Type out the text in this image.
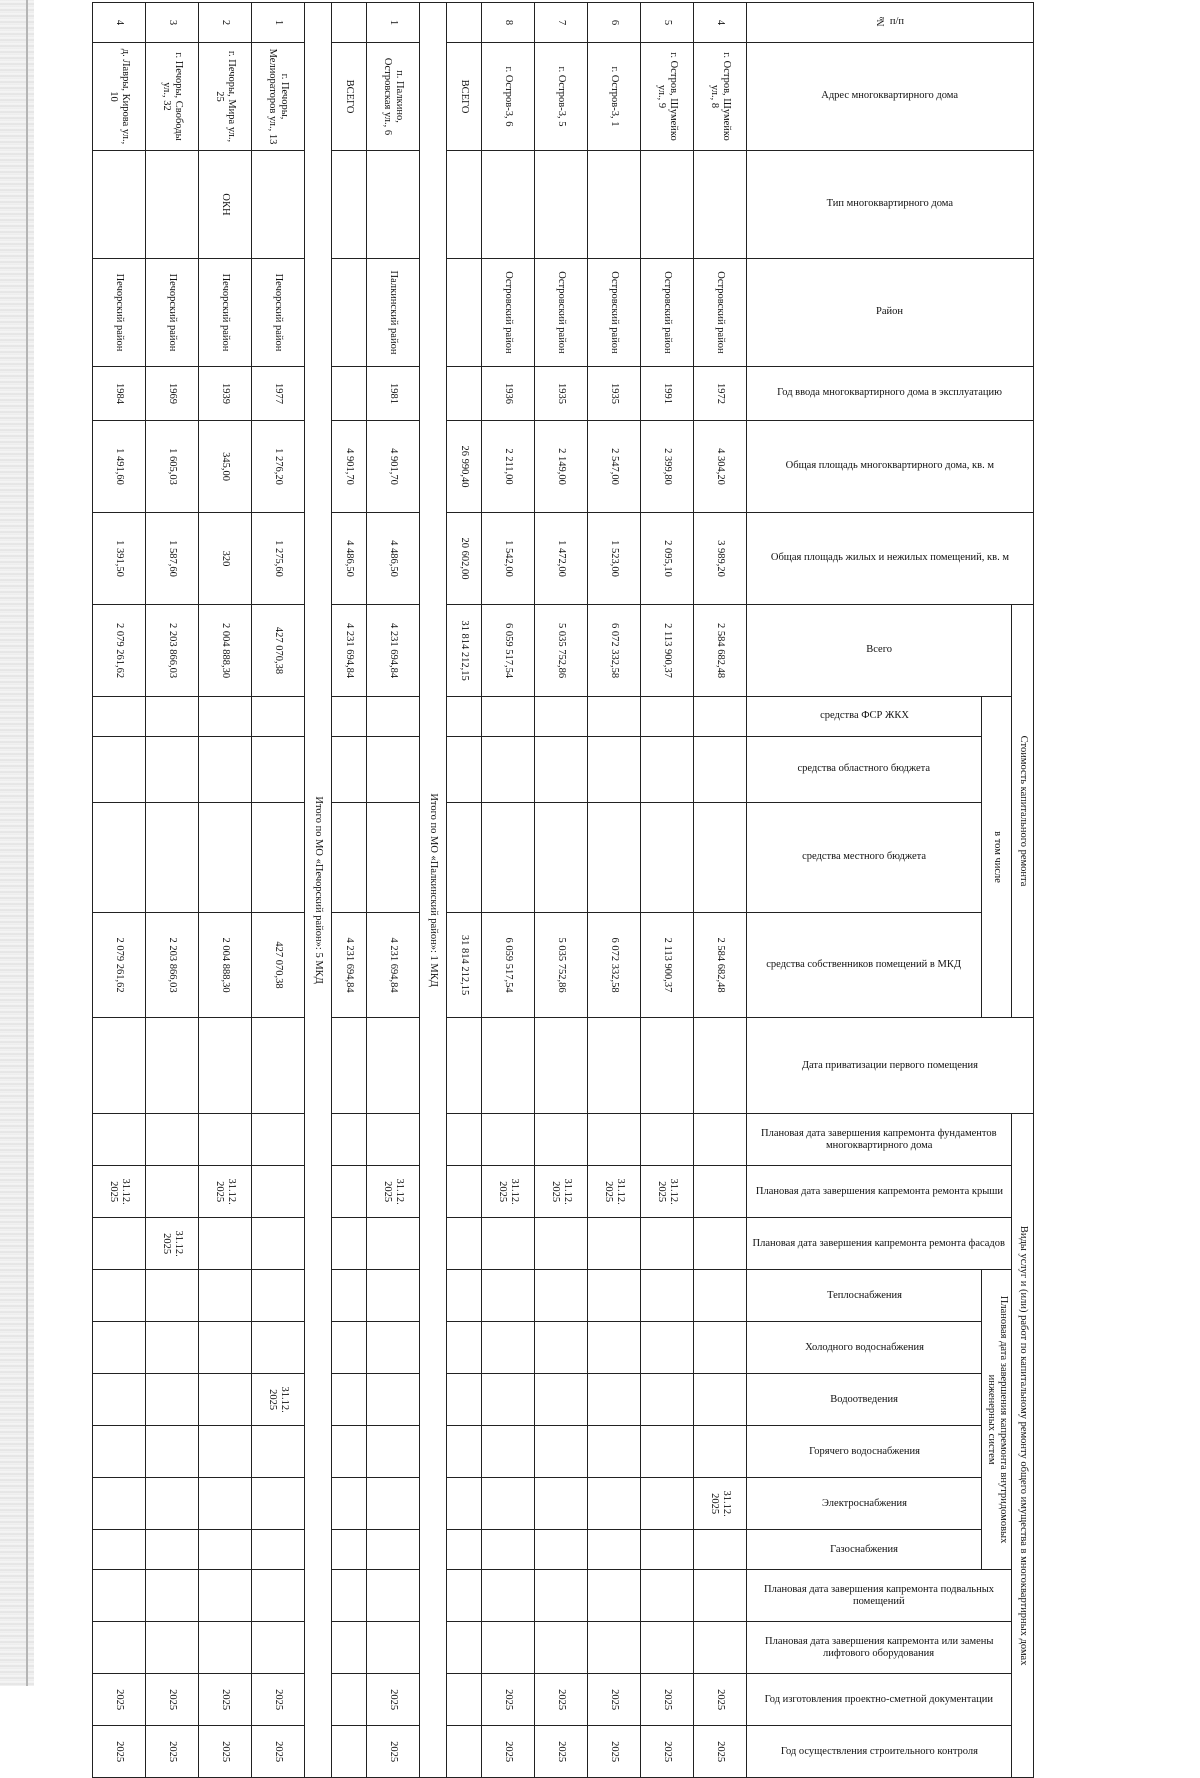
№ п/п	Адрес многоквартирного дома	Тип многоквартирного дома	Район	Год ввода многоквартирного дома в эксплуатацию	Общая площадь многоквартирного дома, кв. м	Общая площадь жилых и нежилых помещений, кв. м	Стоимость капитального ремонта					Дата приватизации первого помещения	Виды услуг и (или) работ по капитальному ремонту общего имущества в многоквартирных домах												

							Всего	в том числе					Плановая дата завершения капремонта фундаментов многоквартирного дома	Плановая дата завершения капремонта ремонта крыши	Плановая дата завершения капремонта ремонта фасадов	Плановая дата завершения капремонта внутридомовых инженерных систем						Плановая дата завершения капремонта подвальных помещений	Плановая дата завершения капремонта или замены лифтового оборудования	Год изготовления проектно-сметной документации	Год осуществления строительного контроля

								средства ФСР ЖКХ	средства областного бюджета	средства местного бюджета	средства собственников помещений в МКД					Теплоснабжения	Холодного водоснабжения	Водоотведения	Горячего водоснабжения	Электроснабжения	Газоснабжения				

4	г. Остров, Шумейко ул., 8		Островский район	1972	4 304,20	3 989,20	2 584 682,48				2 584 682,48									31.12. 2025				2025	2025
5	г. Остров, Шумейко ул., 9		Островский район	1991	2 399,80	2 095,10	2 113 900,37				2 113 900,37			31.12. 2025										2025	2025
6	г. Остров-3, 1		Островский район	1935	2 547,00	1 523,00	6 072 332,58				6 072 332,58			31.12. 2025										2025	2025
7	г. Остров-3, 5		Островский район	1935	2 149,00	1 472,00	5 035 752,86				5 035 752,86			31.12. 2025										2025	2025
8	г. Остров-3, 6		Островский район	1936	2 211,00	1 542,00	6 059 517,54				6 059 517,54			31.12. 2025										2025	2025
	ВСЕГО				26 990,40	20 602,00	31 814 212,15				31 814 212,15														
Итого по МО «Палкинский район»: 1 МКД																									
1	п. Палкино, Островская ул., 6		Палкинский район	1981	4 901,70	4 486,50	4 231 694,84				4 231 694,84			31.12. 2025										2025	2025
	ВСЕГО				4 901,70	4 486,50	4 231 694,84				4 231 694,84														
Итого по МО «Печорский район»: 5 МКД																									
1	г. Печоры, Мелиораторов ул., 13		Печорский район	1977	1 276,20	1 275,60	427 070,38				427 070,38							31.12. 2025						2025	2025
2	г. Печоры, Мира ул., 25	ОКН	Печорский район	1939	345,00	320	2 004 888,30				2 004 888,30			31.12. 2025										2025	2025
3	г. Печоры, Свободы ул., 32		Печорский район	1969	1 605,03	1 587,60	2 203 866,03				2 203 866,03				31.12. 2025									2025	2025
4	д. Лавры, Кирова ул., 10		Печорский район	1984	1 491,60	1 391,50	2 079 261,62				2 079 261,62			31.12. 2025										2025	2025
